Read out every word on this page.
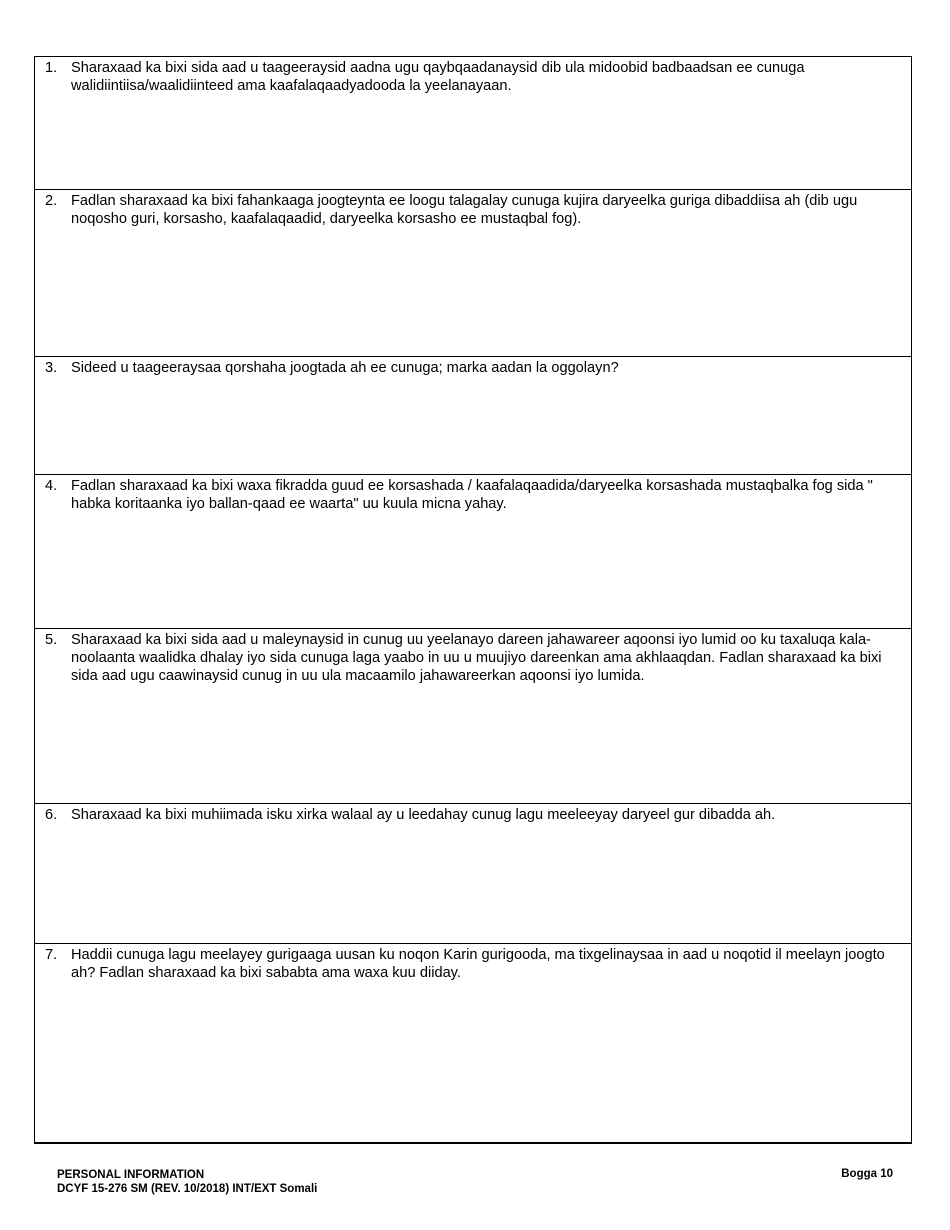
1. Sharaxaad ka bixi sida aad u taageeraysid aadna ugu qaybqaadanaysid dib ula midoobid badbaadsan ee cunuga walidiintiisa/waalidiinteed ama kaafalaqaadyadooda la yeelanayaan.
2. Fadlan sharaxaad ka bixi fahankaaga joogteynta ee loogu talagalay cunuga kujira daryeelka guriga dibaddiisa ah (dib ugu noqosho guri, korsasho, kaafalaqaadid, daryeelka korsasho ee mustaqbal fog).
3. Sideed u taageeraysaa qorshaha joogtada ah ee cunuga; marka aadan la oggolayn?
4. Fadlan sharaxaad ka bixi waxa fikradda guud ee korsashada / kaafalaqaadida/daryeelka korsashada mustaqbalka fog sida " habka koritaanka iyo ballan-qaad ee waarta" uu kuula micna yahay.
5. Sharaxaad ka bixi sida aad u maleynaysid in cunug uu yeelanayo dareen jahawareer aqoonsi iyo lumid oo ku taxaluqa kala-noolaanta waalidka dhalay iyo sida cunuga laga yaabo in uu u muujiyo dareenkan ama akhlaaqdan. Fadlan sharaxaad ka bixi sida aad ugu caawinaysid cunug in uu ula macaamilo jahawareerkan aqoonsi iyo lumida.
6. Sharaxaad ka bixi muhiimada isku xirka walaal ay u leedahay cunug lagu meeleeyay daryeel gur dibadda ah.
7. Haddii cunuga lagu meelayey gurigaaga uusan ku noqon Karin gurigooda, ma tixgelinaysaa in aad u noqotid il meelayn joogto ah? Fadlan sharaxaad ka bixi sababta ama waxa kuu diiday.
PERSONAL INFORMATION
DCYF 15-276 SM (REV. 10/2018) INT/EXT Somali
Bogga 10
